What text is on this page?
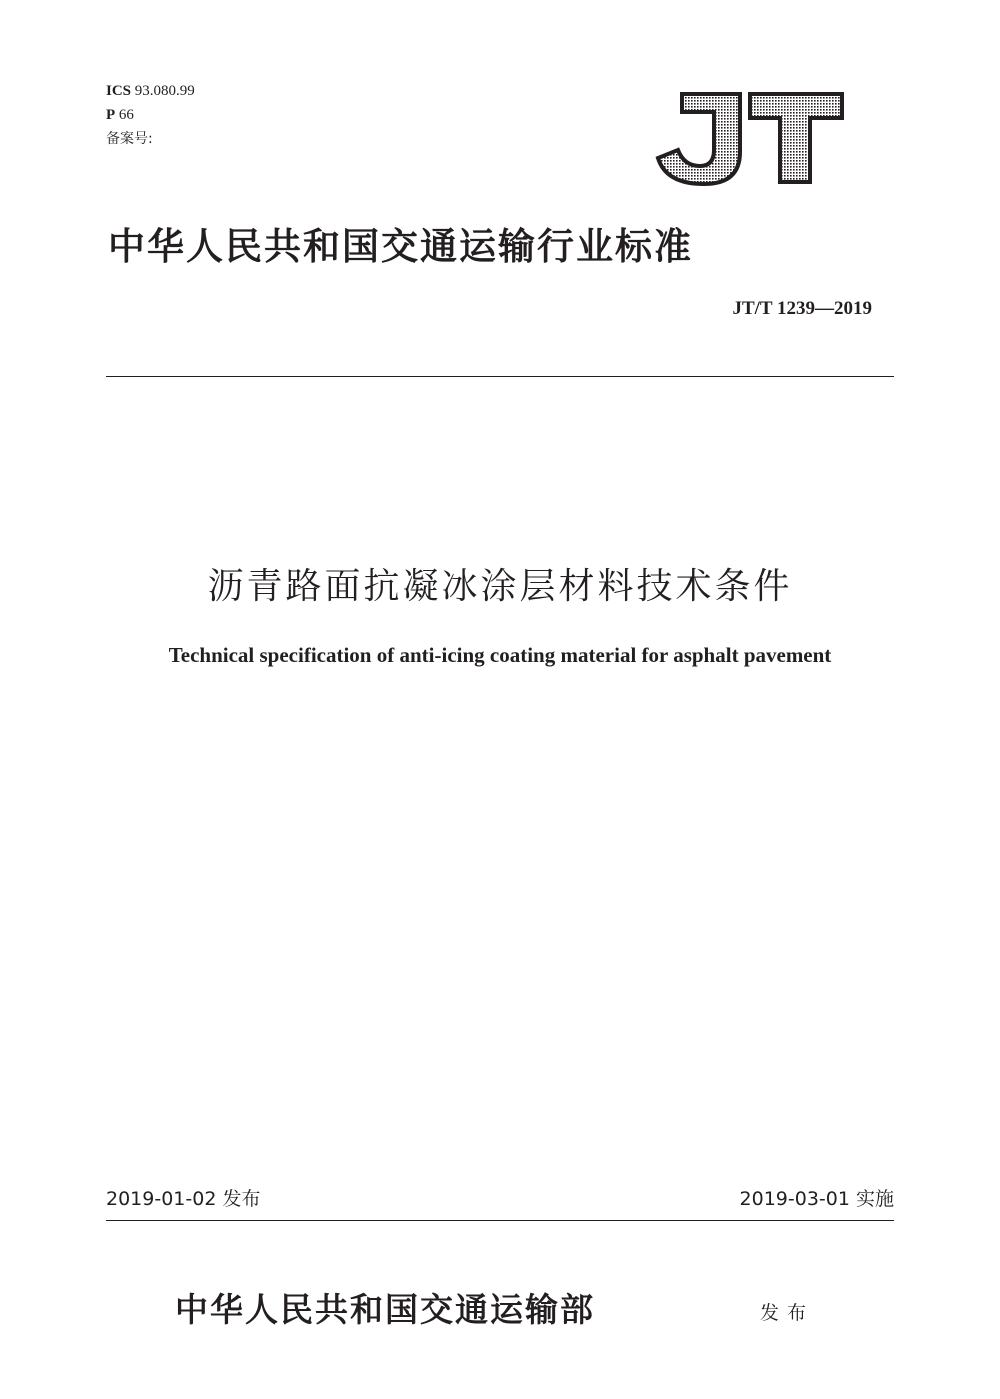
ICS 93.080.99
P 66
备案号:
中华人民共和国交通运输行业标准
JT/T 1239—2019
沥青路面抗凝冰涂层材料技术条件
Technical specification of anti-icing coating material for asphalt pavement
2019-01-02 发布	2019-03-01 实施
中华人民共和国交通运输部	发布
